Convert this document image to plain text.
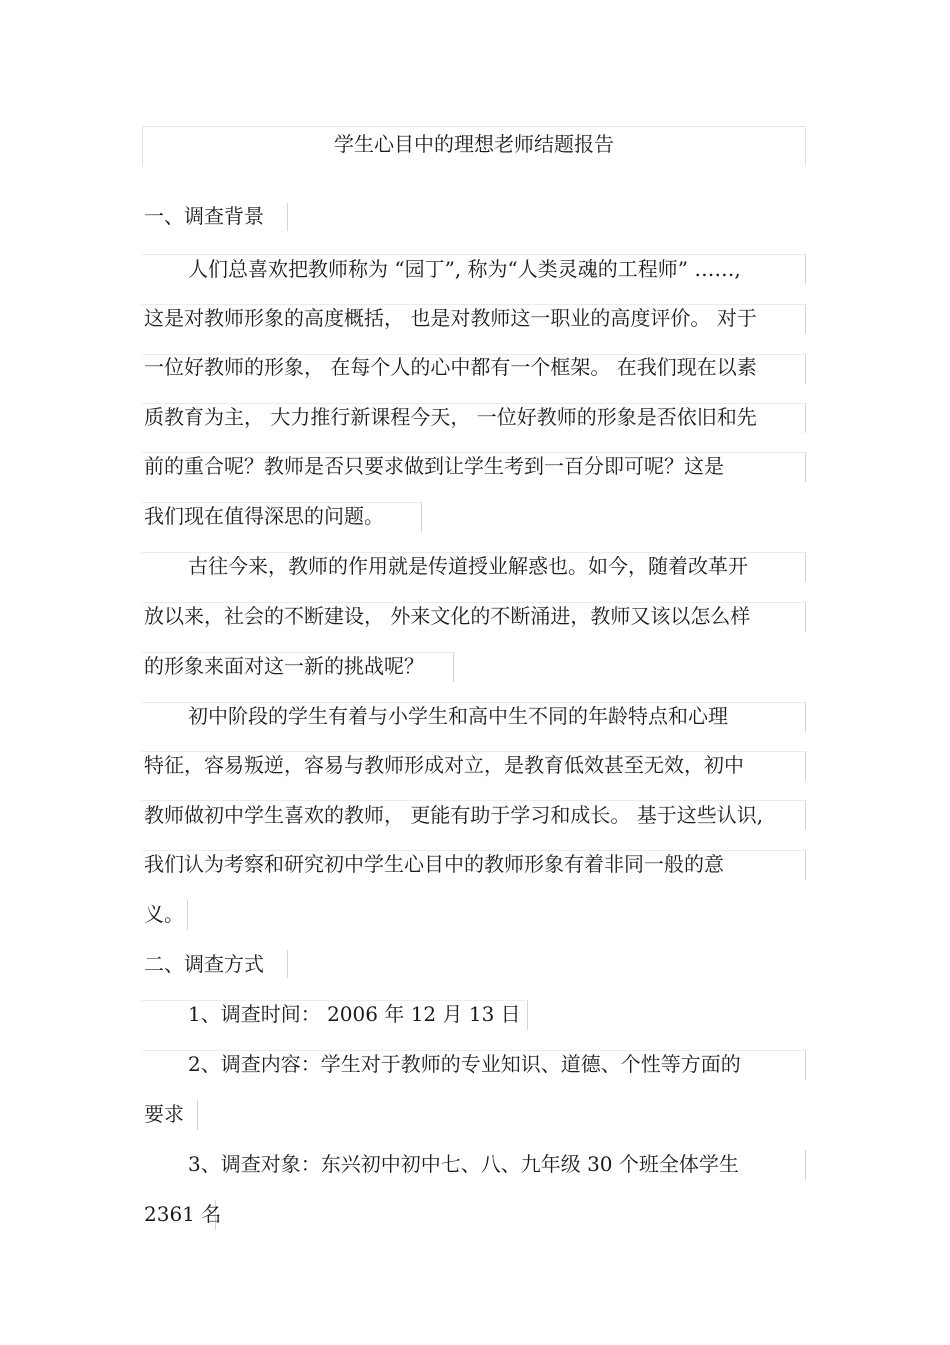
学生心目中的理想老师结题报告
一、调查背景
人们总喜欢把教师称为 “园丁”, 称为“人类灵魂的工程师” ……,
这是对教师形象的高度概括， 也是对教师这一职业的高度评价。 对于
一位好教师的形象， 在每个人的心中都有一个框架。 在我们现在以素
质教育为主， 大力推行新课程今天， 一位好教师的形象是否依旧和先
前的重合呢？教师是否只要求做到让学生考到一百分即可呢？这是
我们现在值得深思的问题。
古往今来，教师的作用就是传道授业解惑也。如今，随着改革开
放以来，社会的不断建设， 外来文化的不断涌进，教师又该以怎么样
的形象来面对这一新的挑战呢？
初中阶段的学生有着与小学生和高中生不同的年龄特点和心理
特征，容易叛逆，容易与教师形成对立，是教育低效甚至无效，初中
教师做初中学生喜欢的教师， 更能有助于学习和成长。 基于这些认识,
我们认为考察和研究初中学生心目中的教师形象有着非同一般的意
义。
二、调查方式
1、调查时间： 2006 年 12 月 13 日
2、调查内容：学生对于教师的专业知识、道德、个性等方面的
要求
3、调查对象：东兴初中初中七、八、九年级 30 个班全体学生
2361 名
